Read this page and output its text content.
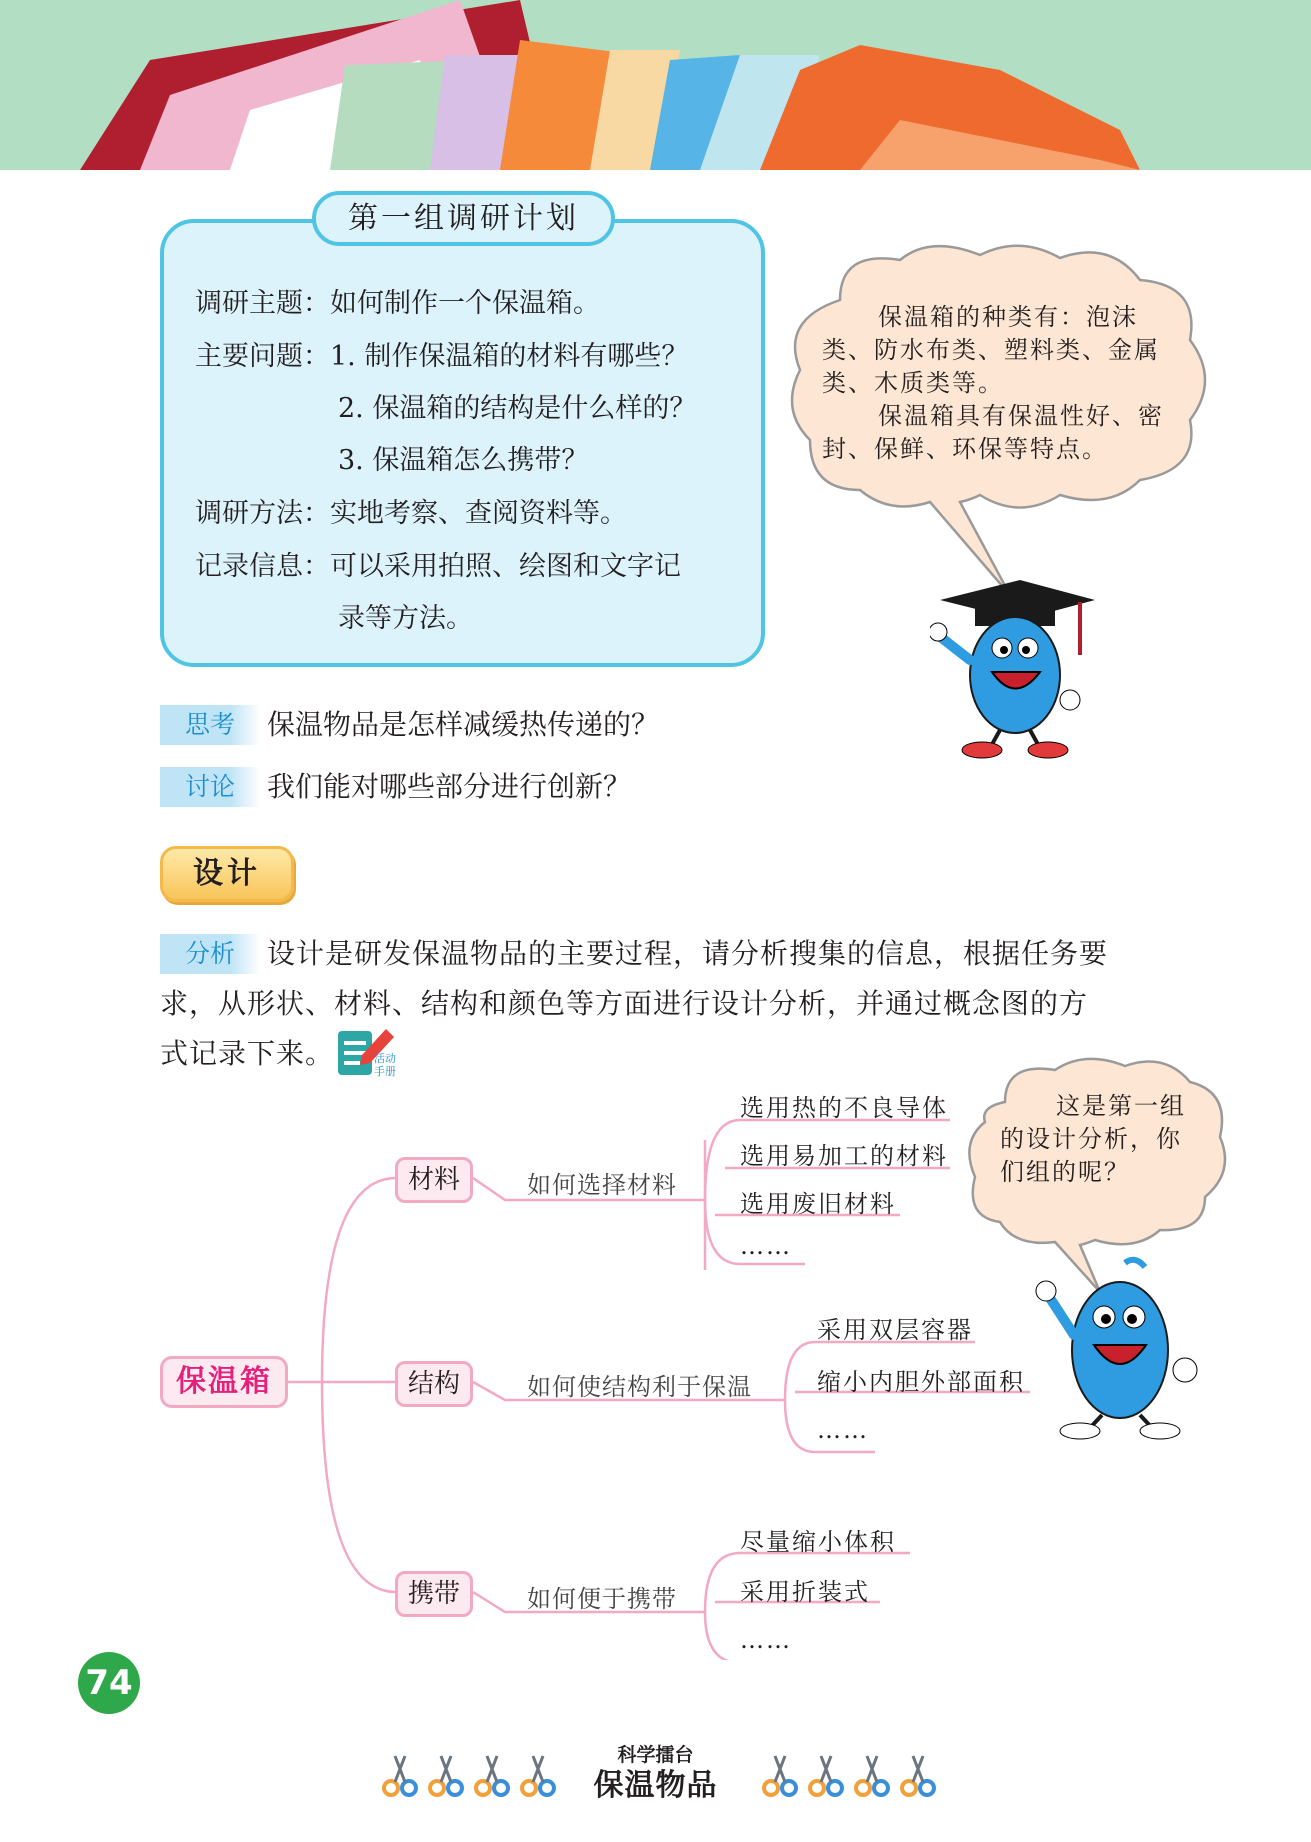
第一组调研计划
调研主题：如何制作一个保温箱。
主要问题：1. 制作保温箱的材料有哪些？
2. 保温箱的结构是什么样的？
3. 保温箱怎么携带？
调研方法：实地考察、查阅资料等。
记录信息：可以采用拍照、绘图和文字记
录等方法。
保温箱的种类有：泡沫
类、防水布类、塑料类、金属
类、木质类等。
保温箱具有保温性好、密
封、保鲜、环保等特点。
思考	保温物品是怎样减缓热传递的？
讨论	我们能对哪些部分进行创新？
设计
分析	设计是研发保温物品的主要过程，请分析搜集的信息，根据任务要
求，从形状、材料、结构和颜色等方面进行设计分析，并通过概念图的方
式记录下来。	活动
手册
保温箱
材料
结构
携带
如何选择材料
如何使结构利于保温
如何便于携带
选用热的不良导体
选用易加工的材料
选用废旧材料
……
采用双层容器
缩小内胆外部面积
……
尽量缩小体积
采用折装式
……
这是第一组
的设计分析，你
们组的呢？
74
科学擂台
保温物品
